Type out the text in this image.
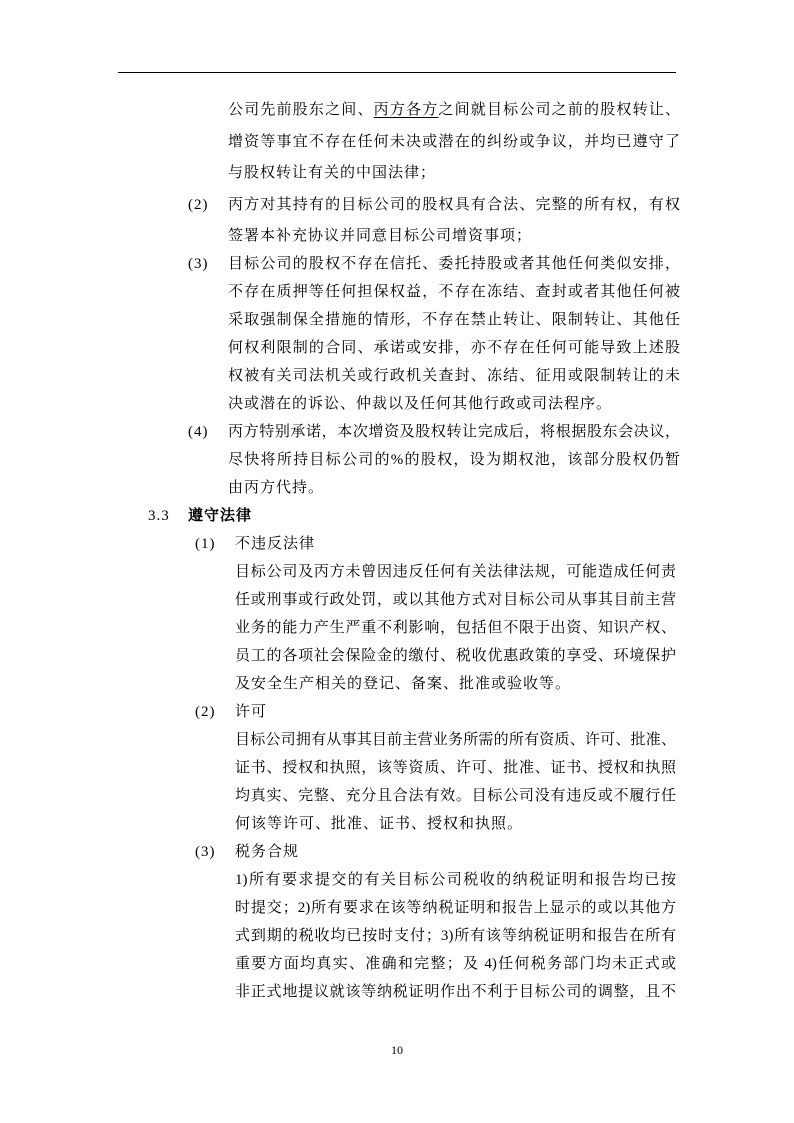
公司先前股东之间、丙方各方之间就目标公司之前的股权转让、
增资等事宜不存在任何未决或潜在的纠纷或争议，并均已遵守了
与股权转让有关的中国法律；
(2) 丙方对其持有的目标公司的股权具有合法、完整的所有权，有权
签署本补充协议并同意目标公司增资事项；
(3) 目标公司的股权不存在信托、委托持股或者其他任何类似安排，
不存在质押等任何担保权益，不存在冻结、查封或者其他任何被
采取强制保全措施的情形，不存在禁止转让、限制转让、其他任
何权利限制的合同、承诺或安排，亦不存在任何可能导致上述股
权被有关司法机关或行政机关查封、冻结、征用或限制转让的未
决或潜在的诉讼、仲裁以及任何其他行政或司法程序。
(4) 丙方特别承诺，本次增资及股权转让完成后，将根据股东会决议，
尽快将所持目标公司的%的股权，设为期权池，该部分股权仍暂
由丙方代持。
3.3 遵守法律
(1) 不违反法律
目标公司及丙方未曾因违反任何有关法律法规，可能造成任何责
任或刑事或行政处罚，或以其他方式对目标公司从事其目前主营
业务的能力产生严重不利影响，包括但不限于出资、知识产权、
员工的各项社会保险金的缴付、税收优惠政策的享受、环境保护
及安全生产相关的登记、备案、批准或验收等。
(2) 许可
目标公司拥有从事其目前主营业务所需的所有资质、许可、批准、
证书、授权和执照，该等资质、许可、批准、证书、授权和执照
均真实、完整、充分且合法有效。目标公司没有违反或不履行任
何该等许可、批准、证书、授权和执照。
(3) 税务合规
1)所有要求提交的有关目标公司税收的纳税证明和报告均已按
时提交；2)所有要求在该等纳税证明和报告上显示的或以其他方
式到期的税收均已按时支付；3)所有该等纳税证明和报告在所有
重要方面均真实、准确和完整；及 4)任何税务部门均未正式或
非正式地提议就该等纳税证明作出不利于目标公司的调整，且不
10
